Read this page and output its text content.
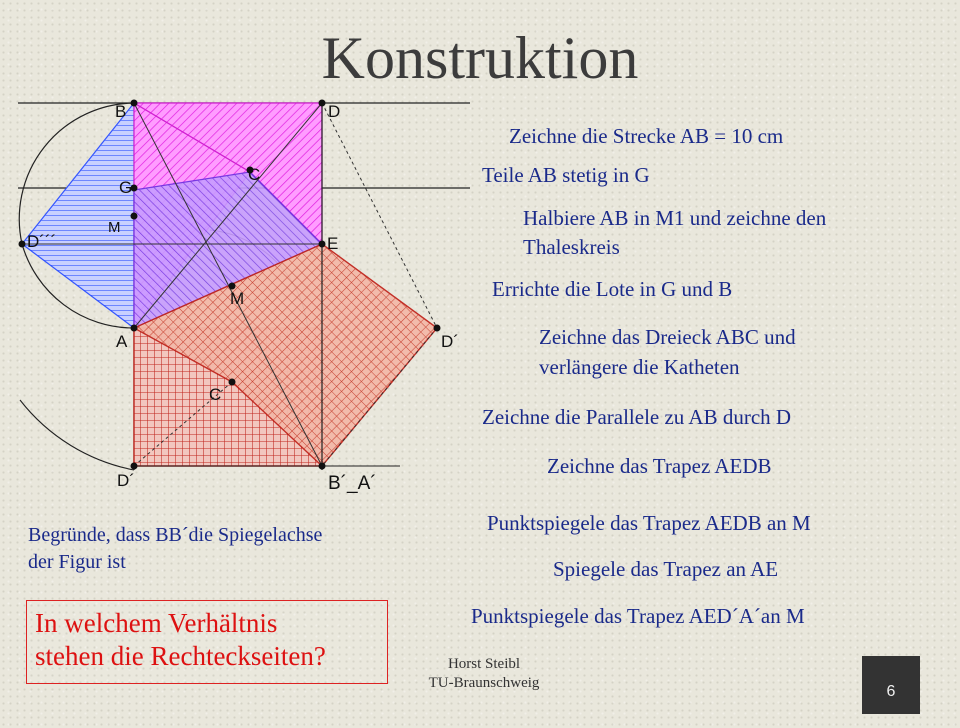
Konstruktion
B	D
C
G
M
D´´´	E
M
A	D´
C
D´	B´_A´
Zeichne die Strecke AB = 10 cm
Teile AB stetig in G
Halbiere AB in M1 und zeichne den
Thaleskreis
Errichte die Lote in G und B
Zeichne das Dreieck ABC und
verlängere die Katheten
Zeichne die Parallele zu AB durch D
Zeichne das Trapez AEDB
Punktspiegele das Trapez AEDB an M
Spiegele das Trapez an AE
Punktspiegele das Trapez AED´A´an M
Begründe, dass BB´die Spiegelachse
der Figur ist
In welchem Verhältnis
stehen die Rechteckseiten?	Horst Steibl
TU-Braunschweig	6
